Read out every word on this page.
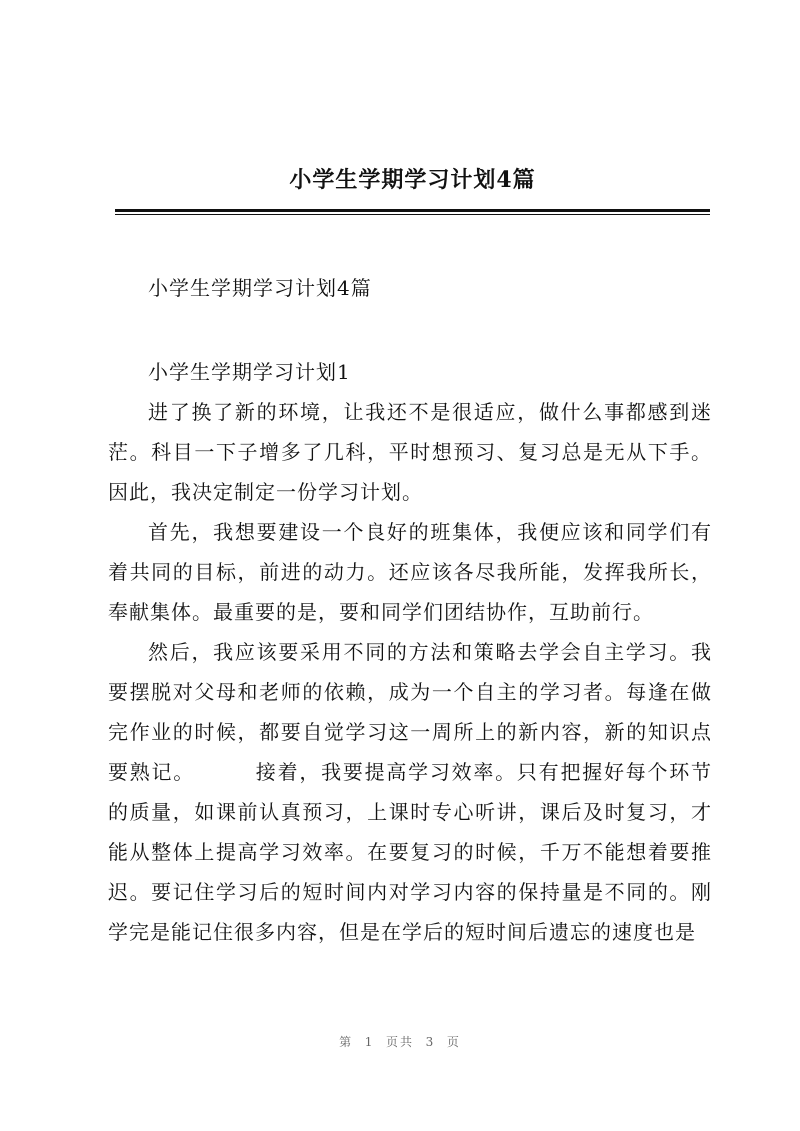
小学生学期学习计划4篇

小学生学期学习计划4篇

小学生学期学习计划1

进了换了新的环境，让我还不是很适应，做什么事都感到迷茫。科目一下子增多了几科，平时想预习、复习总是无从下手。因此，我决定制定一份学习计划。

首先，我想要建设一个良好的班集体，我便应该和同学们有着共同的目标，前进的动力。还应该各尽我所能，发挥我所长，奉献集体。最重要的是，要和同学们团结协作，互助前行。

然后，我应该要采用不同的方法和策略去学会自主学习。我要摆脱对父母和老师的依赖，成为一个自主的学习者。每逢在做完作业的时候，都要自觉学习这一周所上的新内容，新的知识点要熟记。	接着，我要提高学习效率。只有把握好每个环节的质量，如课前认真预习，上课时专心听讲，课后及时复习，才能从整体上提高学习效率。在要复习的时候，千万不能想着要推迟。要记住学习后的短时间内对学习内容的保持量是不同的。刚学完是能记住很多内容，但是在学后的短时间后遗忘的速度也是

第  1  页共  3  页
